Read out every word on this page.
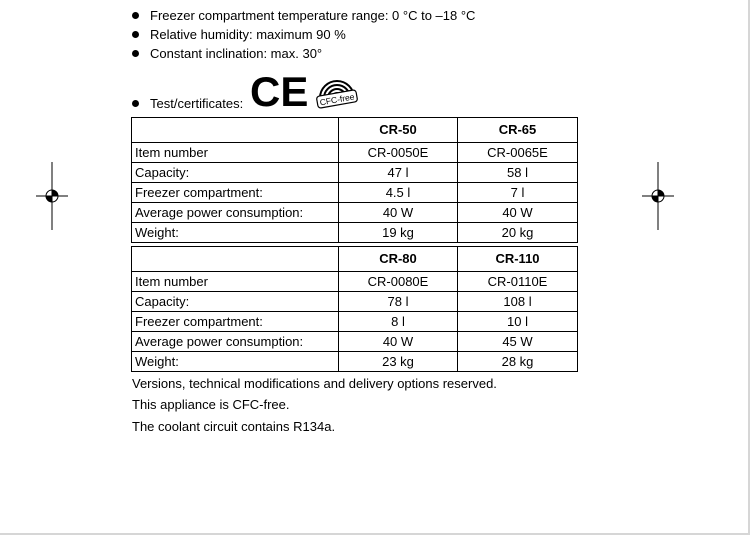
Freezer compartment temperature range: 0 °C to –18 °C
Relative humidity: maximum 90 %
Constant inclination: max. 30°
Test/certificates: CE CFC-free
	CR-50	CR-65
Item number	CR-0050E	CR-0065E
Capacity:	47 l	58 l
Freezer compartment:	4.5 l	7 l
Average power consumption:	40 W	40 W
Weight:	19 kg	20 kg
	CR-80	CR-110
Item number	CR-0080E	CR-0110E
Capacity:	78 l	108 l
Freezer compartment:	8 l	10 l
Average power consumption:	40 W	45 W
Weight:	23 kg	28 kg
Versions, technical modifications and delivery options reserved.
This appliance is CFC-free.
The coolant circuit contains R134a.
